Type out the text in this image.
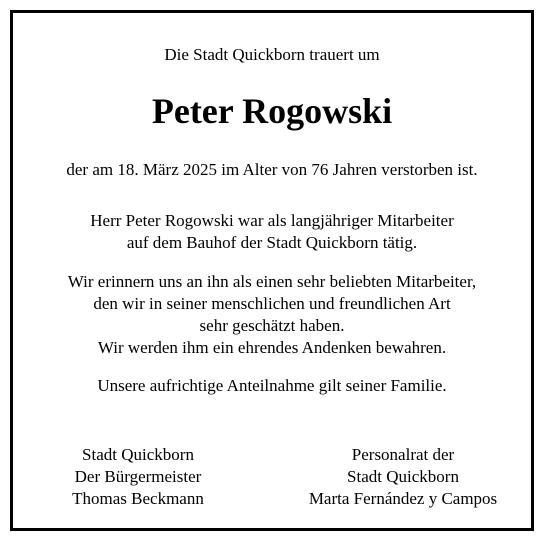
Die Stadt Quickborn trauert um
Peter Rogowski
der am 18. März 2025 im Alter von 76 Jahren verstorben ist.
Herr Peter Rogowski war als langjähriger Mitarbeiter
auf dem Bauhof der Stadt Quickborn tätig.
Wir erinnern uns an ihn als einen sehr beliebten Mitarbeiter,
den wir in seiner menschlichen und freundlichen Art
sehr geschätzt haben.
Wir werden ihm ein ehrendes Andenken bewahren.
Unsere aufrichtige Anteilnahme gilt seiner Familie.
Stadt Quickborn
Der Bürgermeister
Thomas Beckmann
Personalrat der
Stadt Quickborn
Marta Fernández y Campos
